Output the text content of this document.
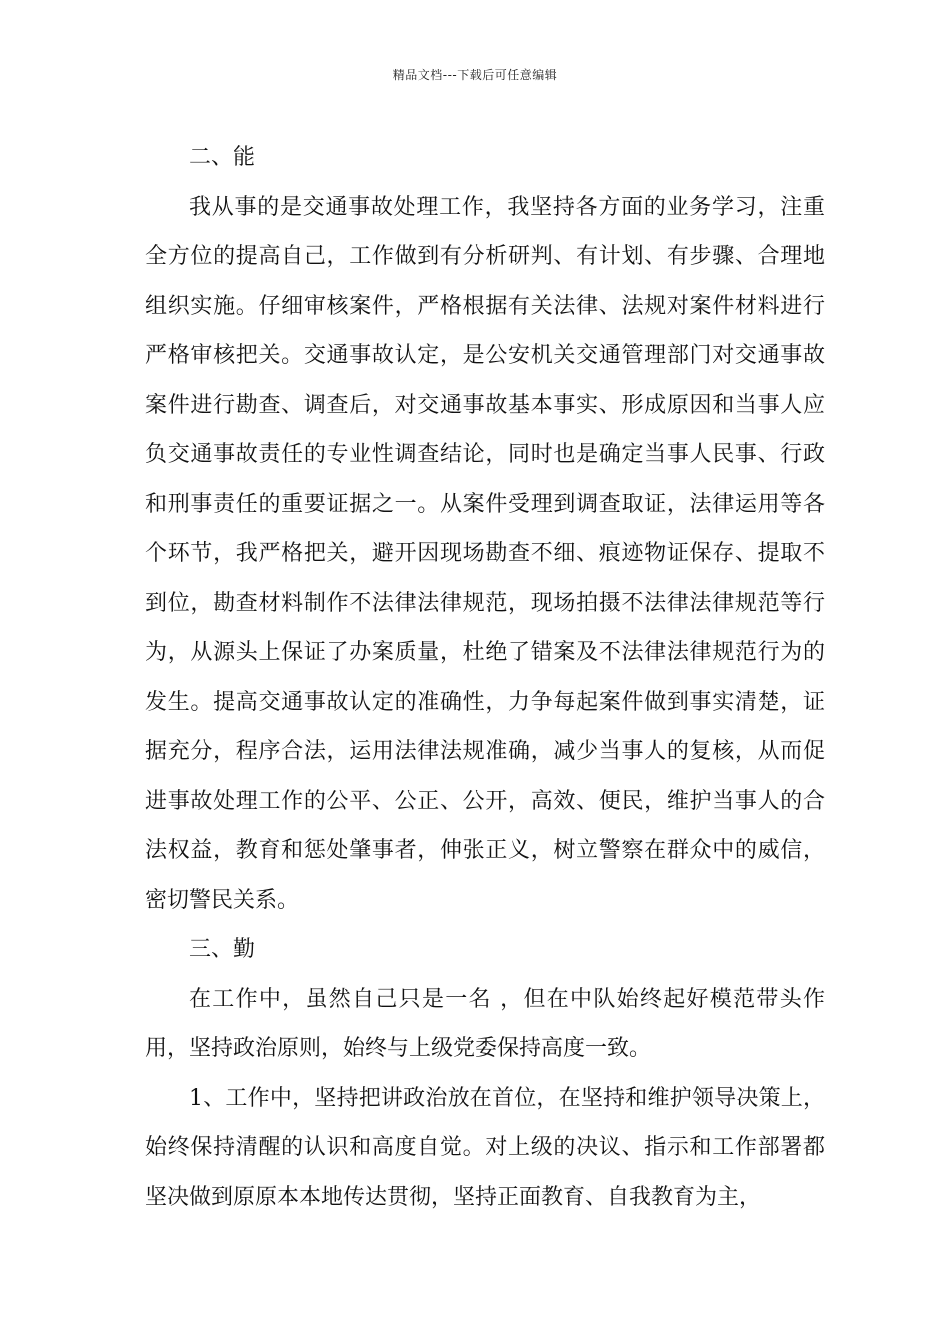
精品文档---下载后可任意编辑
二、能

我从事的是交通事故处理工作，我坚持各方面的业务学习，注重全方位的提高自己，工作做到有分析研判、有计划、有步骤、合理地组织实施。仔细审核案件，严格根据有关法律、法规对案件材料进行严格审核把关。交通事故认定，是公安机关交通管理部门对交通事故案件进行勘查、调查后，对交通事故基本事实、形成原因和当事人应负交通事故责任的专业性调查结论，同时也是确定当事人民事、行政和刑事责任的重要证据之一。从案件受理到调查取证，法律运用等各个环节，我严格把关，避开因现场勘查不细、痕迹物证保存、提取不到位，勘查材料制作不法律法律规范，现场拍摄不法律法律规范等行为，从源头上保证了办案质量，杜绝了错案及不法律法律规范行为的发生。提高交通事故认定的准确性，力争每起案件做到事实清楚，证据充分，程序合法，运用法律法规准确，减少当事人的复核，从而促进事故处理工作的公平、公正、公开，高效、便民，维护当事人的合法权益，教育和惩处肇事者，伸张正义，树立警察在群众中的威信，密切警民关系。

三、勤

在工作中，虽然自己只是一名 ，但在中队始终起好模范带头作用，坚持政治原则，始终与上级党委保持高度一致。

1、工作中，坚持把讲政治放在首位，在坚持和维护领导决策上，始终保持清醒的认识和高度自觉。对上级的决议、指示和工作部署都坚决做到原原本本地传达贯彻，坚持正面教育、自我教育为主，
